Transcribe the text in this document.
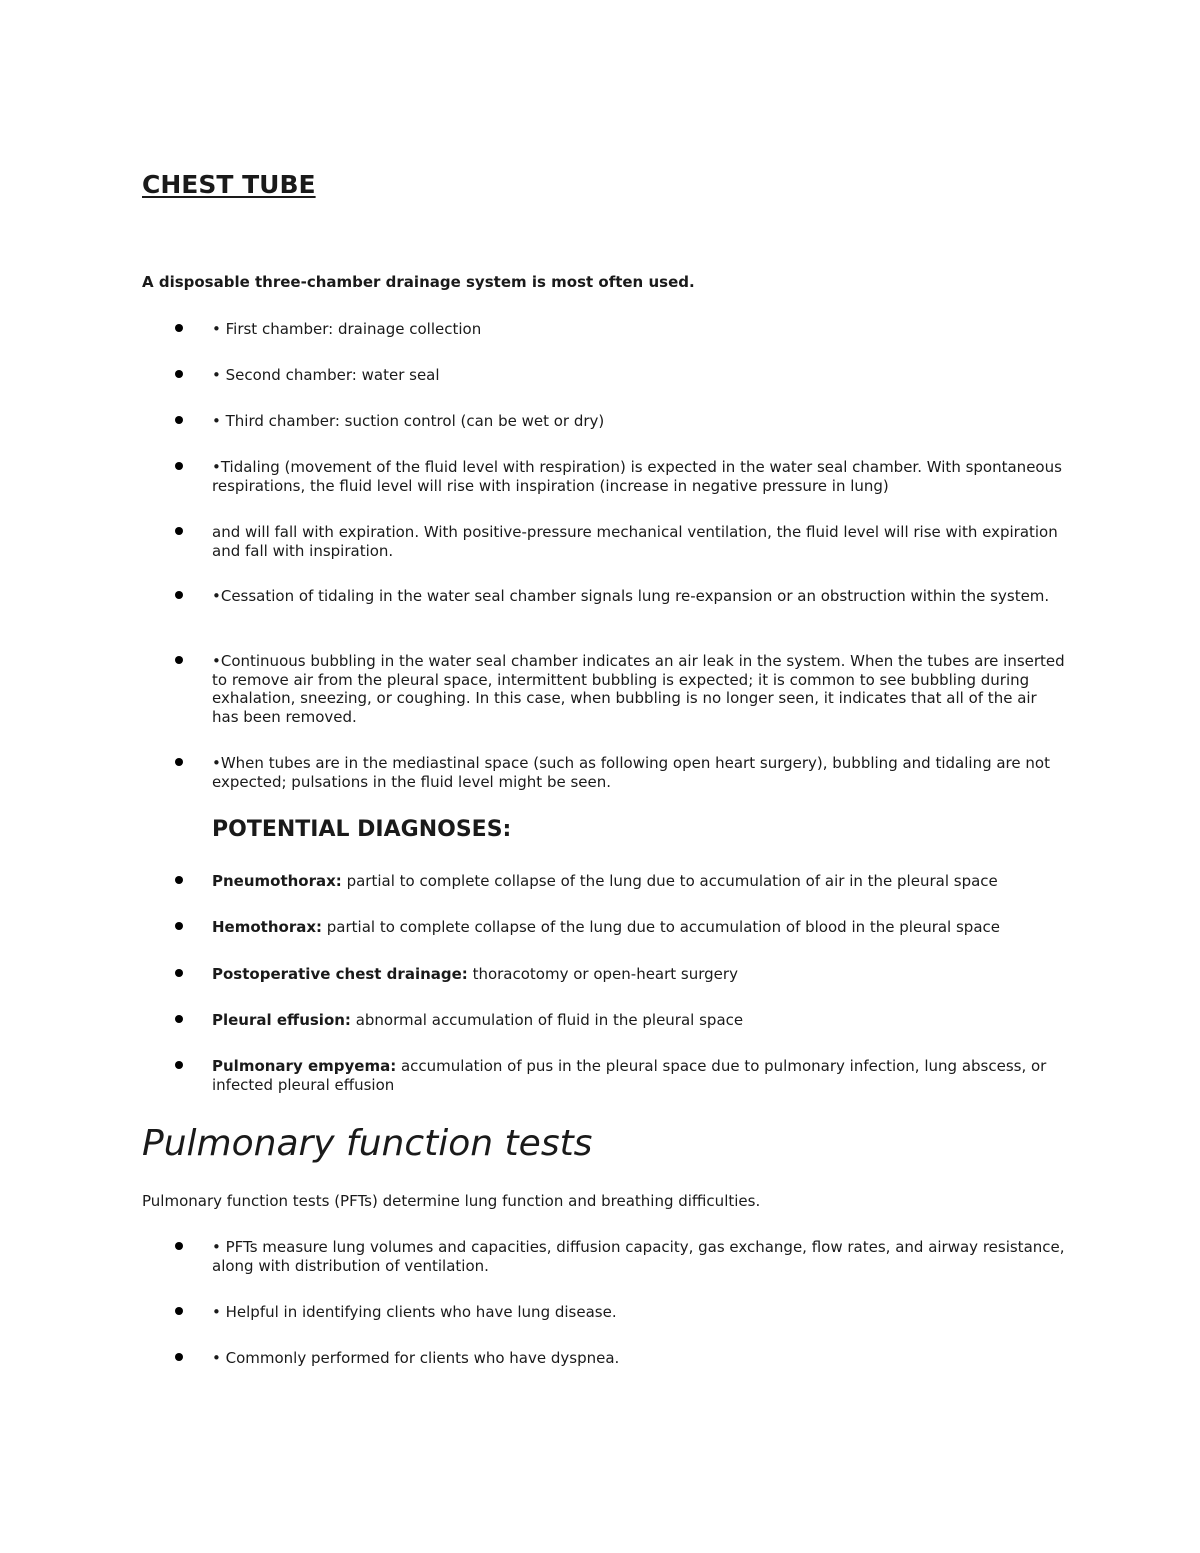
CHEST TUBE

A disposable three-chamber drainage system is most often used.

• First chamber: drainage collection
• Second chamber: water seal
• Third chamber: suction control (can be wet or dry)
•Tidaling (movement of the fluid level with respiration) is expected in the water seal chamber. With spontaneous respirations, the fluid level will rise with inspiration (increase in negative pressure in lung)
and will fall with expiration. With positive-pressure mechanical ventilation, the fluid level will rise with expiration and fall with inspiration.
•Cessation of tidaling in the water seal chamber signals lung re-expansion or an obstruction within the system.
•Continuous bubbling in the water seal chamber indicates an air leak in the system. When the tubes are inserted to remove air from the pleural space, intermittent bubbling is expected; it is common to see bubbling during exhalation, sneezing, or coughing. In this case, when bubbling is no longer seen, it indicates that all of the air has been removed.
•When tubes are in the mediastinal space (such as following open heart surgery), bubbling and tidaling are not expected; pulsations in the fluid level might be seen.
POTENTIAL DIAGNOSES:
Pneumothorax: partial to complete collapse of the lung due to accumulation of air in the pleural space
Hemothorax: partial to complete collapse of the lung due to accumulation of blood in the pleural space
Postoperative chest drainage: thoracotomy or open-heart surgery
Pleural effusion: abnormal accumulation of fluid in the pleural space
Pulmonary empyema: accumulation of pus in the pleural space due to pulmonary infection, lung abscess, or infected pleural effusion
Pulmonary function tests

Pulmonary function tests (PFTs) determine lung function and breathing difficulties.

• PFTs measure lung volumes and capacities, diffusion capacity, gas exchange, flow rates, and airway resistance, along with distribution of ventilation.
• Helpful in identifying clients who have lung disease.
• Commonly performed for clients who have dyspnea.
